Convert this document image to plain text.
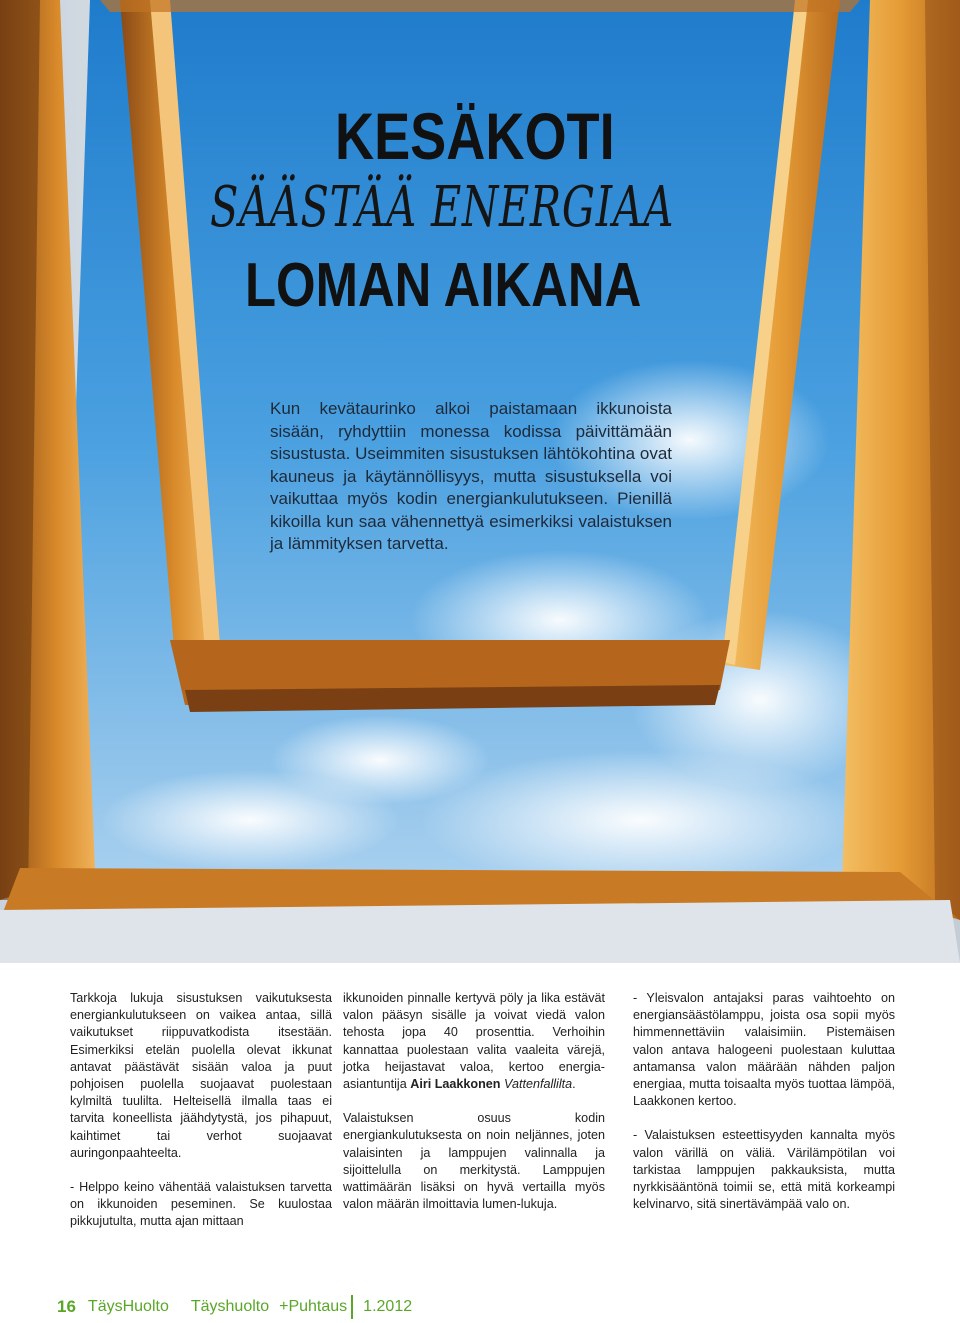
KESÄKOTI
SÄÄSTÄÄ ENERGIAA
LOMAN AIKANA
Kun kevätaurinko alkoi paistamaan ikkunoista sisään, ryhdyttiin monessa kodissa päivittämään sisustusta. Useimmiten sisustuksen lähtökohtina ovat kauneus ja käytännöllisyys, mutta sisustuksella voi vaikuttaa myös kodin energiankulutukseen. Pienillä kikoilla kun saa vähennettyä esimerkiksi valaistuksen ja lämmityksen tarvetta.

Tarkkoja lukuja sisustuksen vaikutuksesta energiankulutukseen on vaikea antaa, sillä vaikutukset riippuvatkodista itsestään. Esimerkiksi etelän puolella olevat ikkunat antavat päästävät sisään valoa ja puut pohjoisen puolella suojaavat puolestaan kylmiltä tuulilta. Helteisellä ilmalla taas ei tarvita koneellista jäähdytystä, jos pihapuut, kaihtimet tai verhot suojaavat auringonpaahteelta.

- Helppo keino vähentää valaistuksen tarvetta on ikkunoiden peseminen. Se kuulostaa pikkujutulta, mutta ajan mittaan

ikkunoiden pinnalle kertyvä pöly ja lika estävät valon pääsyn sisälle ja voivat viedä valon tehosta jopa 40 prosenttia. Verhoihin kannattaa puolestaan valita vaaleita värejä, jotka heijastavat valoa, kertoo energia-asiantuntija Airi Laakkonen Vattenfallilta.

Valaistuksen osuus kodin energiankulutuksesta on noin neljännes, joten valaisinten ja lamppujen valinnalla ja sijoittelulla on merkitystä. Lamppujen wattimäärän lisäksi on hyvä vertailla myös valon määrän ilmoittavia lumen-lukuja.

- Yleisvalon antajaksi paras vaihtoehto on energiansäästölamppu, joista osa sopii myös himmennettäviin valaisimiin. Pistemäisen valon antava halogeeni puolestaan kuluttaa antamansa valon määrään nähden paljon energiaa, mutta toisaalta myös tuottaa lämpöä, Laakkonen kertoo.

- Valaistuksen esteettisyyden kannalta myös valon värillä on väliä. Värilämpötilan voi tarkistaa lamppujen pakkauksista, mutta nyrkkisääntönä toimii se, että mitä korkeampi kelvinarvo, sitä sinertävämpää valo on.

16 TäysHuolto Täyshuolto +Puhtaus 1.2012
